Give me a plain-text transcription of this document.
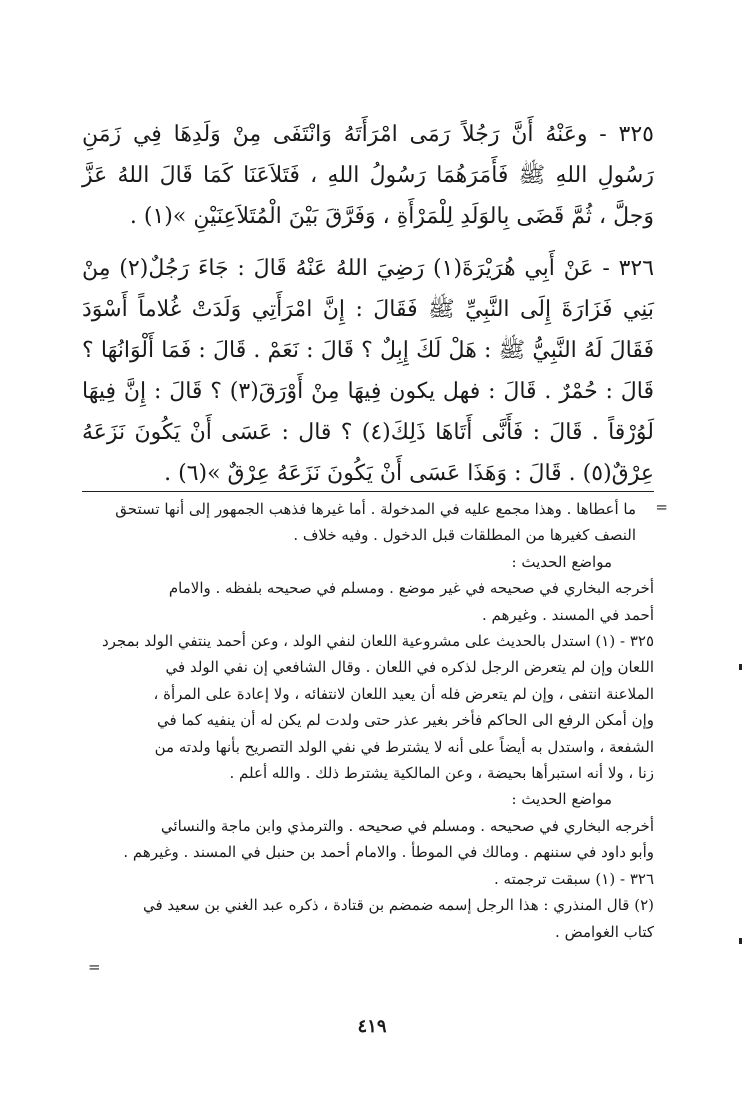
٣٢٥ - وعَنْهُ أَنَّ رَجُلاً رَمَى امْرَأَتَهُ وَانْتَفَى مِنْ وَلَدِهَا فِي زَمَنِ رَسُولِ اللهِ ﷺ فَأَمَرَهُمَا رَسُولُ اللهِ ، فَتَلاَعَنَا كَمَا قَالَ اللهُ عَزَّ وَجلَّ ، ثُمَّ قَضَى بِالوَلَدِ لِلْمَرْأَةِ ، وَفَرَّقَ بَيْنَ الْمُتَلاَعِنَيْنِ »(١) .

٣٢٦ - عَنْ أَبِي هُرَيْرَةَ(١) رَضِيَ اللهُ عَنْهُ قَالَ : جَاءَ رَجُلٌ(٢) مِنْ بَنِي فَزَارَةَ إِلَى النَّبِيِّ ﷺ فَقَالَ : إِنَّ امْرَأَتِي وَلَدَتْ غُلاماً أَسْوَدَ فَقَالَ لَهُ النَّبِيُّ ﷺ : هَلْ لَكَ إِبِلٌ ؟ قَالَ : نَعَمْ . قَالَ : فَمَا أَلْوَانُهَا ؟ قَالَ : حُمْرٌ . قَالَ : فهل يكون فِيهَا مِنْ أَوْرَقَ(٣) ؟ قَالَ : إِنَّ فِيهَا لَوُرْقاً . قَالَ : فَأَنَّى أَتَاهَا ذَلِكَ(٤) ؟ قال : عَسَى أَنْ يَكُونَ نَزَعَهُ عِرْقٌ(٥) . قَالَ : وَهَذَا عَسَى أَنْ يَكُونَ نَزَعَهُ عِرْقٌ »(٦) .

=

ما أعطاها . وهذا مجمع عليه في المدخولة . أما غيرها فذهب الجمهور إلى أنها تستحق

النصف كغيرها من المطلقات قبل الدخول . وفيه خلاف .

مواضع الحديث :

أخرجه البخاري في صحيحه في غير موضع . ومسلم في صحيحه بلفظه . والامام

أحمد في المسند . وغيرهم .

٣٢٥ - (١) استدل بالحديث على مشروعية اللعان لنفي الولد ، وعن أحمد ينتفي الولد بمجرد

اللعان وإن لم يتعرض الرجل لذكره في اللعان . وقال الشافعي إن نفي الولد في

الملاعنة انتفى ، وإن لم يتعرض فله أن يعيد اللعان لانتفائه ، ولا إعادة على المرأة ،

وإن أمكن الرفع الى الحاكم فأخر بغير عذر حتى ولدت لم يكن له أن ينفيه كما في

الشفعة ، واستدل به أيضاً على أنه لا يشترط في نفي الولد التصريح بأنها ولدته من

زنا ، ولا أنه استبرأها بحيضة ، وعن المالكية يشترط ذلك . والله أعلم .

مواضع الحديث :

أخرجه البخاري في صحيحه . ومسلم في صحيحه . والترمذي وابن ماجة والنسائي

وأبو داود في سننهم . ومالك في الموطأ . والامام أحمد بن حنبل في المسند . وغيرهم .

٣٢٦ - (١) سبقت ترجمته .

(٢) قال المنذري : هذا الرجل إسمه ضمضم بن قتادة ، ذكره عبد الغني بن سعيد في

كتاب الغوامض .

=
٤١٩
